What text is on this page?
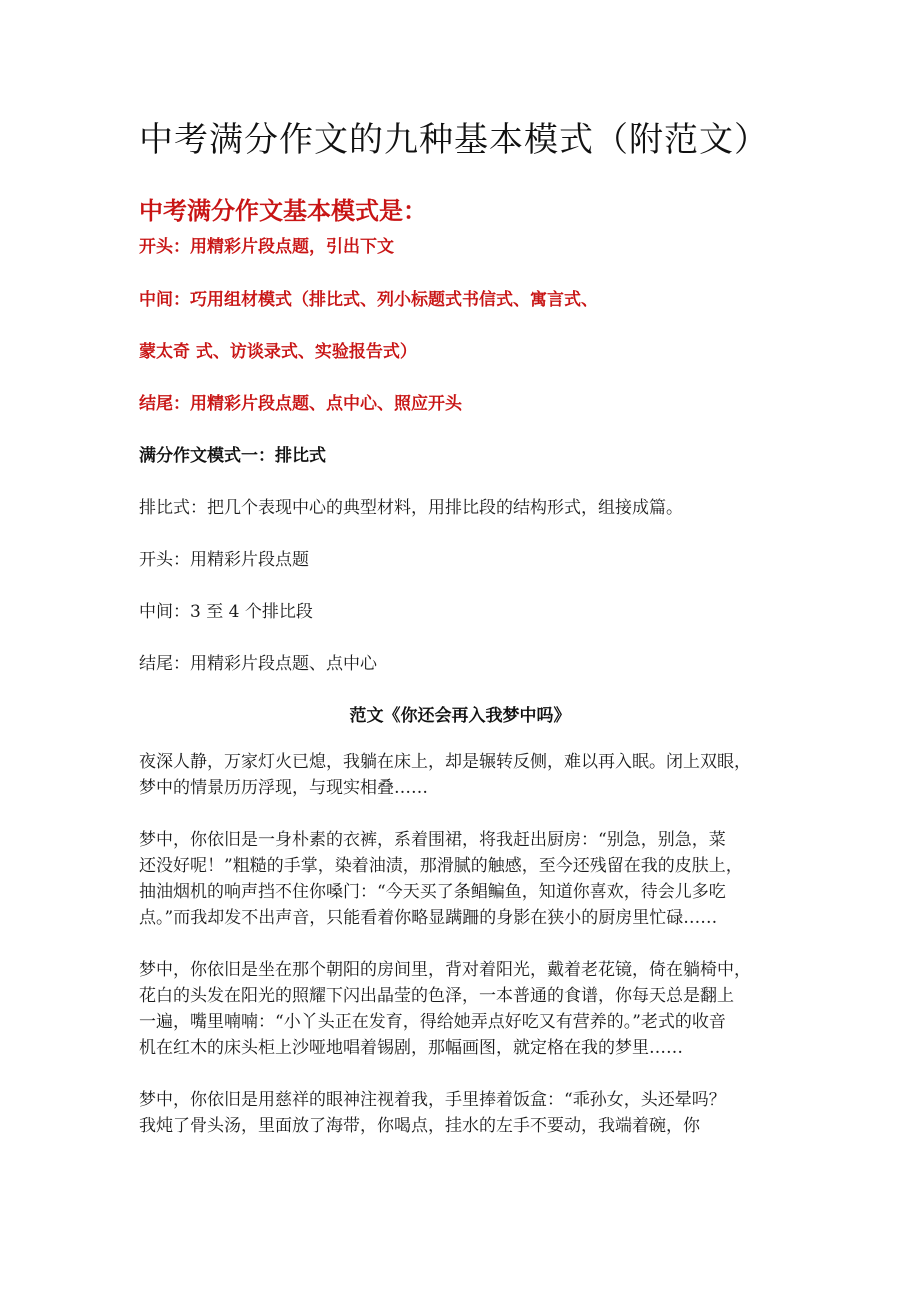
中考满分作文的九种基本模式（附范文）
中考满分作文基本模式是：
开头：用精彩片段点题，引出下文
中间：巧用组材模式（排比式、列小标题式书信式、寓言式、
蒙太奇 式、访谈录式、实验报告式）
结尾：用精彩片段点题、点中心、照应开头
满分作文模式一：排比式
排比式：把几个表现中心的典型材料，用排比段的结构形式，组接成篇。
开头：用精彩片段点题
中间：3 至 4 个排比段
结尾：用精彩片段点题、点中心
范文《你还会再入我梦中吗》
夜深人静，万家灯火已熄，我躺在床上，却是辗转反侧，难以再入眠。闭上双眼，
梦中的情景历历浮现，与现实相叠……
梦中，你依旧是一身朴素的衣裤，系着围裙，将我赶出厨房：“别急，别急，菜
还没好呢！”粗糙的手掌，染着油渍，那滑腻的触感，至今还残留在我的皮肤上，
抽油烟机的响声挡不住你嗓门：“今天买了条鲳鳊鱼，知道你喜欢，待会儿多吃
点。”而我却发不出声音，只能看着你略显蹒跚的身影在狭小的厨房里忙碌……
梦中，你依旧是坐在那个朝阳的房间里，背对着阳光，戴着老花镜，倚在躺椅中，
花白的头发在阳光的照耀下闪出晶莹的色泽，一本普通的食谱，你每天总是翻上
一遍，嘴里喃喃：“小丫头正在发育，得给她弄点好吃又有营养的。”老式的收音
机在红木的床头柜上沙哑地唱着锡剧，那幅画图，就定格在我的梦里……
梦中，你依旧是用慈祥的眼神注视着我，手里捧着饭盒：“乖孙女，头还晕吗？
我炖了骨头汤，里面放了海带，你喝点，挂水的左手不要动，我端着碗，你
